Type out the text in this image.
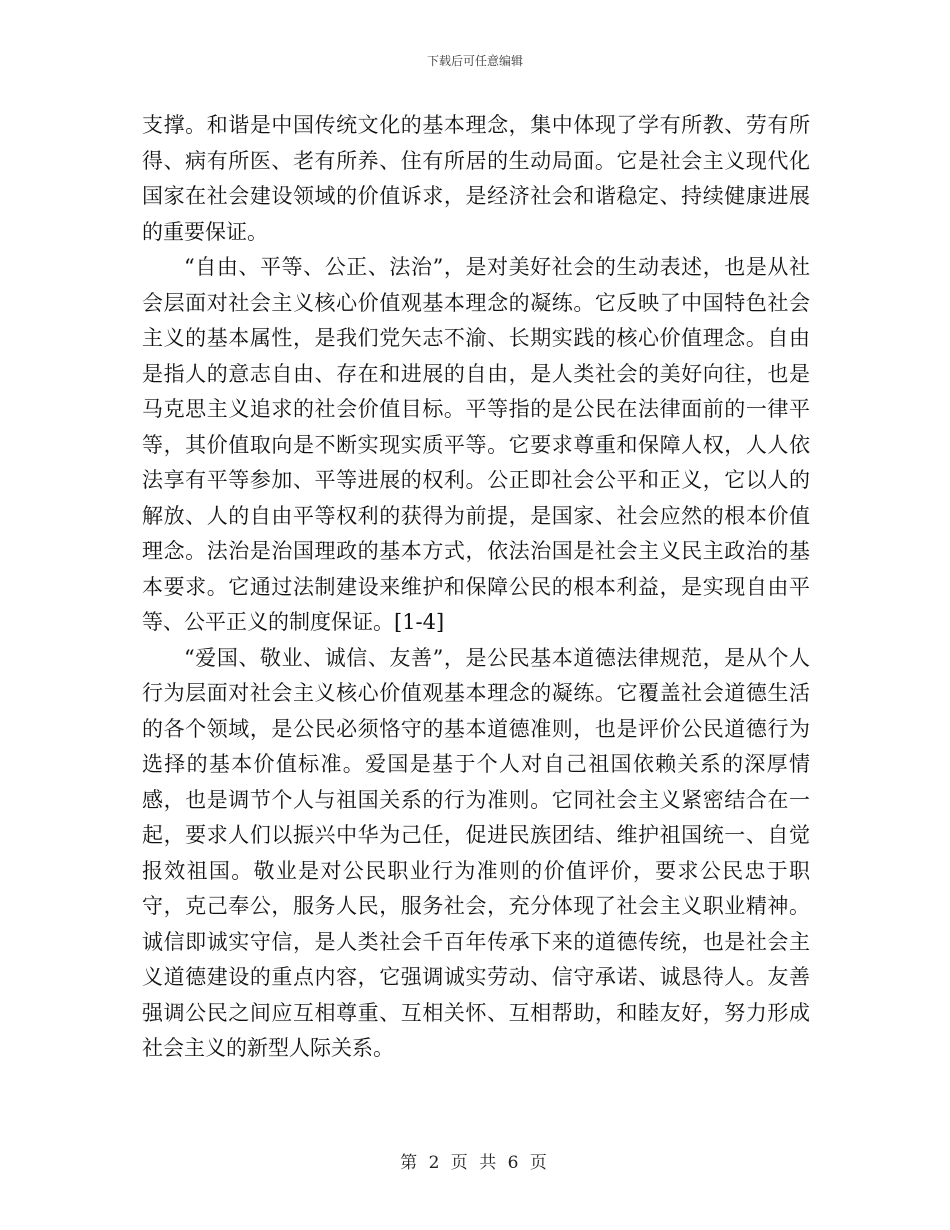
下载后可任意编辑

支撑。和谐是中国传统文化的基本理念，集中体现了学有所教、劳有所得、病有所医、老有所养、住有所居的生动局面。它是社会主义现代化国家在社会建设领域的价值诉求，是经济社会和谐稳定、持续健康进展的重要保证。

“自由、平等、公正、法治”，是对美好社会的生动表述，也是从社会层面对社会主义核心价值观基本理念的凝练。它反映了中国特色社会主义的基本属性，是我们党矢志不渝、长期实践的核心价值理念。自由是指人的意志自由、存在和进展的自由，是人类社会的美好向往，也是马克思主义追求的社会价值目标。平等指的是公民在法律面前的一律平等，其价值取向是不断实现实质平等。它要求尊重和保障人权，人人依法享有平等参加、平等进展的权利。公正即社会公平和正义，它以人的解放、人的自由平等权利的获得为前提，是国家、社会应然的根本价值理念。法治是治国理政的基本方式，依法治国是社会主义民主政治的基本要求。它通过法制建设来维护和保障公民的根本利益，是实现自由平等、公平正义的制度保证。[1-4]

“爱国、敬业、诚信、友善”，是公民基本道德法律规范，是从个人行为层面对社会主义核心价值观基本理念的凝练。它覆盖社会道德生活的各个领域，是公民必须恪守的基本道德准则，也是评价公民道德行为选择的基本价值标准。爱国是基于个人对自己祖国依赖关系的深厚情感，也是调节个人与祖国关系的行为准则。它同社会主义紧密结合在一起，要求人们以振兴中华为己任，促进民族团结、维护祖国统一、自觉报效祖国。敬业是对公民职业行为准则的价值评价，要求公民忠于职守，克己奉公，服务人民，服务社会，充分体现了社会主义职业精神。诚信即诚实守信，是人类社会千百年传承下来的道德传统，也是社会主义道德建设的重点内容，它强调诚实劳动、信守承诺、诚恳待人。友善强调公民之间应互相尊重、互相关怀、互相帮助，和睦友好，努力形成社会主义的新型人际关系。

第 2 页 共 6 页
